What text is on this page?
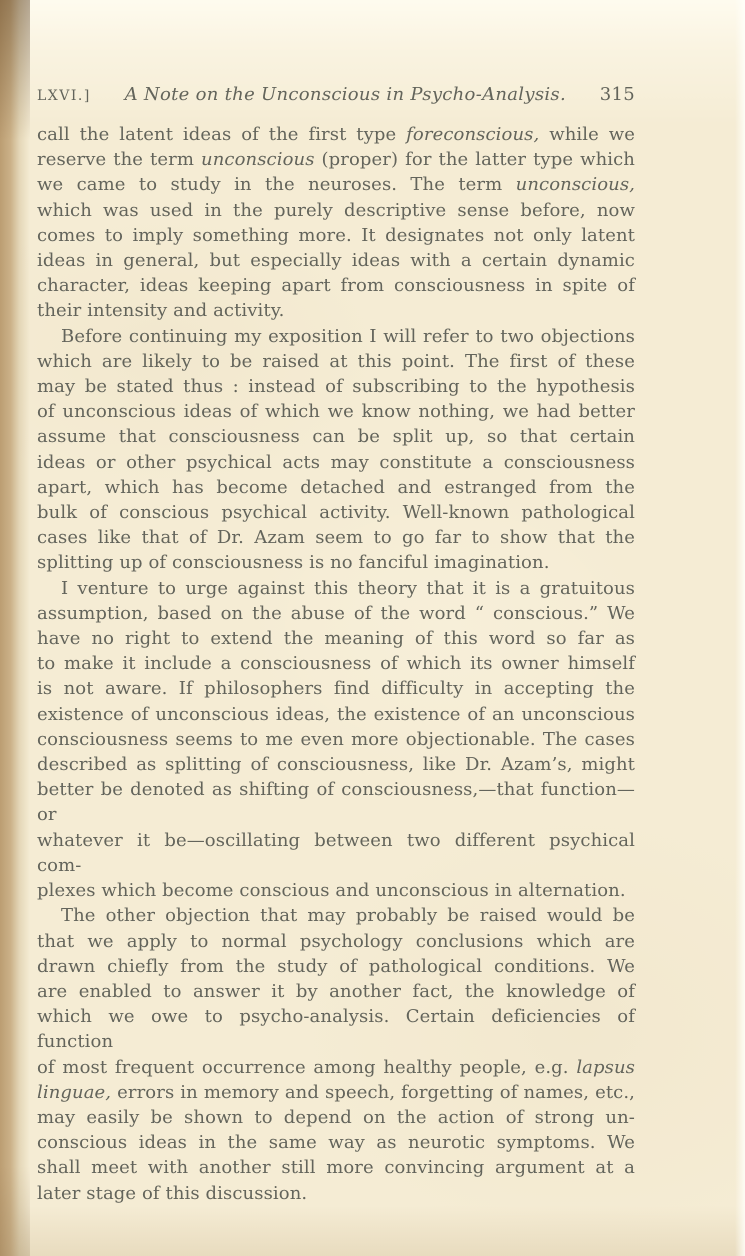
LXVI.] A Note on the Unconscious in Psycho-Analysis. 315
call the latent ideas of the first type foreconscious, while we
reserve the term unconscious (proper) for the latter type which
we came to study in the neuroses. The term unconscious,
which was used in the purely descriptive sense before, now
comes to imply something more. It designates not only latent
ideas in general, but especially ideas with a certain dynamic
character, ideas keeping apart from consciousness in spite of
their intensity and activity.
Before continuing my exposition I will refer to two objections
which are likely to be raised at this point. The first of these
may be stated thus : instead of subscribing to the hypothesis
of unconscious ideas of which we know nothing, we had better
assume that consciousness can be split up, so that certain
ideas or other psychical acts may constitute a consciousness
apart, which has become detached and estranged from the
bulk of conscious psychical activity. Well-known pathological
cases like that of Dr. Azam seem to go far to show that the
splitting up of consciousness is no fanciful imagination.
I venture to urge against this theory that it is a gratuitous
assumption, based on the abuse of the word “ conscious.” We
have no right to extend the meaning of this word so far as
to make it include a consciousness of which its owner himself
is not aware. If philosophers find difficulty in accepting the
existence of unconscious ideas, the existence of an unconscious
consciousness seems to me even more objectionable. The cases
described as splitting of consciousness, like Dr. Azam’s, might
better be denoted as shifting of consciousness,—that function—or
whatever it be—oscillating between two different psychical com-
plexes which become conscious and unconscious in alternation.
The other objection that may probably be raised would be
that we apply to normal psychology conclusions which are
drawn chiefly from the study of pathological conditions. We
are enabled to answer it by another fact, the knowledge of
which we owe to psycho-analysis. Certain deficiencies of function
of most frequent occurrence among healthy people, e.g. lapsus
linguae, errors in memory and speech, forgetting of names, etc.,
may easily be shown to depend on the action of strong un-
conscious ideas in the same way as neurotic symptoms. We
shall meet with another still more convincing argument at a
later stage of this discussion.
